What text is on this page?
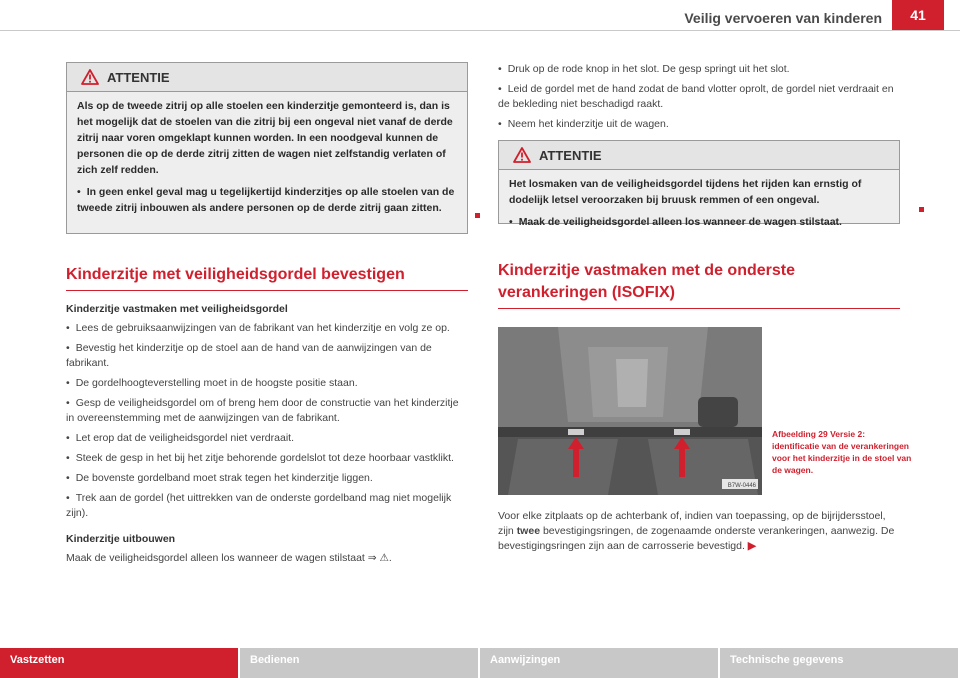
Veilig vervoeren van kinderen	41
ATTENTIE

Als op de tweede zitrij op alle stoelen een kinderzitje gemonteerd is, dan is het mogelijk dat de stoelen van die zitrij bij een ongeval niet vanaf de derde zitrij naar voren omgeklapt kunnen worden. In een noodgeval kunnen de personen die op de derde zitrij zitten de wagen niet zelfstandig verlaten of zich zelf redden.

• In geen enkel geval mag u tegelijkertijd kinderzitjes op alle stoelen van de tweede zitrij inbouwen als andere personen op de derde zitrij gaan zitten.

Kinderzitje met veiligheidsgordel bevestigen
Kinderzitje vastmaken met veiligheidsgordel

• Lees de gebruiksaanwijzingen van de fabrikant van het kinderzitje en volg ze op.

• Bevestig het kinderzitje op de stoel aan de hand van de aanwijzingen van de fabrikant.

• De gordelhoogteverstelling moet in de hoogste positie staan.

• Gesp de veiligheidsgordel om of breng hem door de constructie van het kinderzitje in overeenstemming met de aanwijzingen van de fabrikant.

• Let erop dat de veiligheidsgordel niet verdraait.

• Steek de gesp in het bij het zitje behorende gordelslot tot deze hoorbaar vastklikt.

• De bovenste gordelband moet strak tegen het kinderzitje liggen.

• Trek aan de gordel (het uittrekken van de onderste gordelband mag niet mogelijk zijn).

Kinderzitje uitbouwen

Maak de veiligheidsgordel alleen los wanneer de wagen stilstaat ⇒ ⚠.

• Druk op de rode knop in het slot. De gesp springt uit het slot.

• Leid de gordel met de hand zodat de band vlotter oprolt, de gordel niet verdraait en de bekleding niet beschadigd raakt.

• Neem het kinderzitje uit de wagen.

ATTENTIE

Het losmaken van de veiligheidsgordel tijdens het rijden kan ernstig of dodelijk letsel veroorzaken bij bruusk remmen of een ongeval.

• Maak de veiligheidsgordel alleen los wanneer de wagen stilstaat.

Kinderzitje vastmaken met de onderste verankeringen (ISOFIX)
B7W-0446

Voor elke zitplaats op de achterbank of, indien van toepassing, op de bijrijdersstoel, zijn twee bevestigingsringen, de zogenaamde onderste verankeringen, aanwezig. De bevestigingsringen zijn aan de carrosserie bevestigd. ▶

Afbeelding 29 Versie 2: identificatie van de verankeringen voor het kinderzitje in de stoel van de wagen.
Vastzetten	Bedienen	Aanwijzingen	Technische gegevens
